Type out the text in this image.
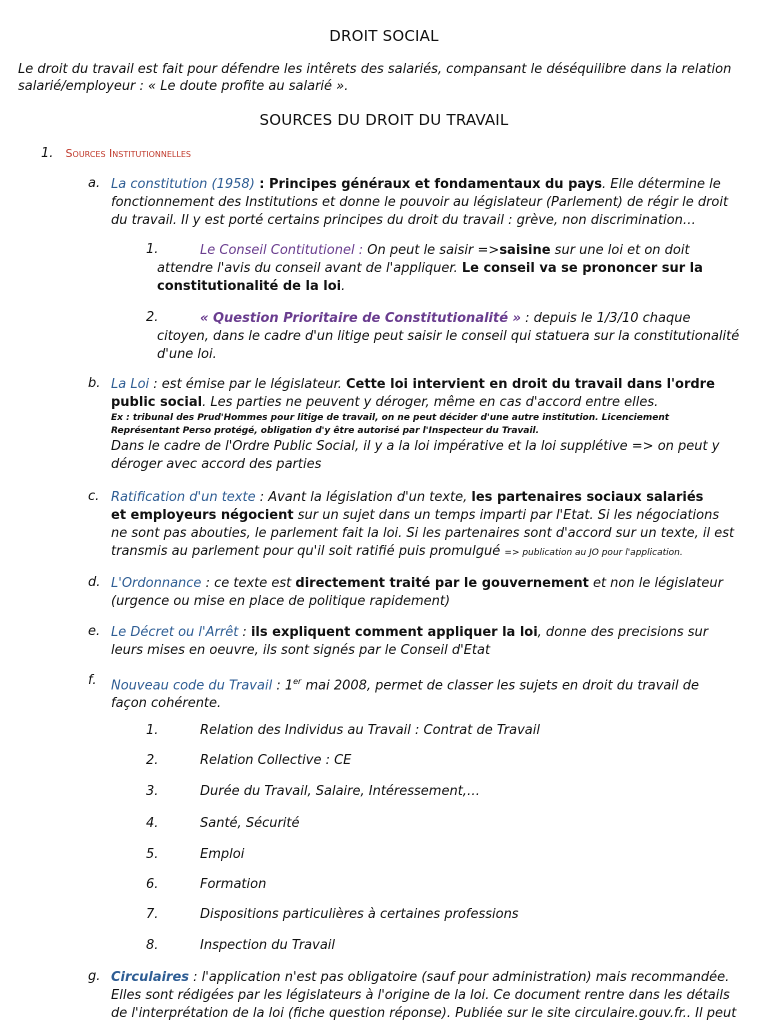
DROIT SOCIAL
Le droit du travail est fait pour défendre les intêrets des salariés, compansant le déséquilibre dans la relation
salarié/employeur : « Le doute profite au salarié ».
SOURCES DU DROIT DU TRAVAIL
1. Sources Institutionnelles
a. La constitution (1958) : Principes généraux et fondamentaux du pays. Elle détermine le
fonctionnement des Institutions et donne le pouvoir au législateur (Parlement) de régir le droit
du travail. Il y est porté certains principes du droit du travail : grève, non discrimination…
1.	Le Conseil Contitutionel : On peut le saisir =>saisine sur une loi et on doit
attendre l'avis du conseil avant de l'appliquer. Le conseil va se prononcer sur la
constitutionalité de la loi.
2.	« Question Prioritaire de Constitutionalité » : depuis le 1/3/10 chaque
citoyen, dans le cadre d'un litige peut saisir le conseil qui statuera sur la constitutionalité
d'une loi.
b. La Loi : est émise par le législateur. Cette loi intervient en droit du travail dans l'ordre
public social. Les parties ne peuvent y déroger, même en cas d'accord entre elles.
Ex : tribunal des Prud'Hommes pour litige de travail, on ne peut décider d'une autre institution. Licenciement
Représentant Perso protégé, obligation d'y être autorisé par l'Inspecteur du Travail.
Dans le cadre de l'Ordre Public Social, il y a la loi impérative et la loi supplétive => on peut y
déroger avec accord des parties
c. Ratification d'un texte : Avant la législation d'un texte, les partenaires sociaux salariés
et employeurs négocient sur un sujet dans un temps imparti par l'Etat. Si les négociations
ne sont pas abouties, le parlement fait la loi. Si les partenaires sont d'accord sur un texte, il est
transmis au parlement pour qu'il soit ratifié puis promulgué => publication au JO pour l'application.
d. L'Ordonnance : ce texte est directement traité par le gouvernement et non le législateur
(urgence ou mise en place de politique rapidement)
e. Le Décret ou l'Arrêt : ils expliquent comment appliquer la loi, donne des precisions sur
leurs mises en oeuvre, ils sont signés par le Conseil d'Etat
f. Nouveau code du Travail : 1er mai 2008, permet de classer les sujets en droit du travail de
façon cohérente.
1.	Relation des Individus au Travail : Contrat de Travail
2.	Relation Collective : CE
3.	Durée du Travail, Salaire, Intéressement,…
4.	Santé, Sécurité
5.	Emploi
6.	Formation
7.	Dispositions particulières à certaines professions
8.	Inspection du Travail
g. Circulaires : l'application n'est pas obligatoire (sauf pour administration) mais recommandée.
Elles sont rédigées par les législateurs à l'origine de la loi. Ce document rentre dans les détails
de l'interprétation de la loi (fiche question réponse). Publiée sur le site circulaire.gouv.fr.. Il peut
